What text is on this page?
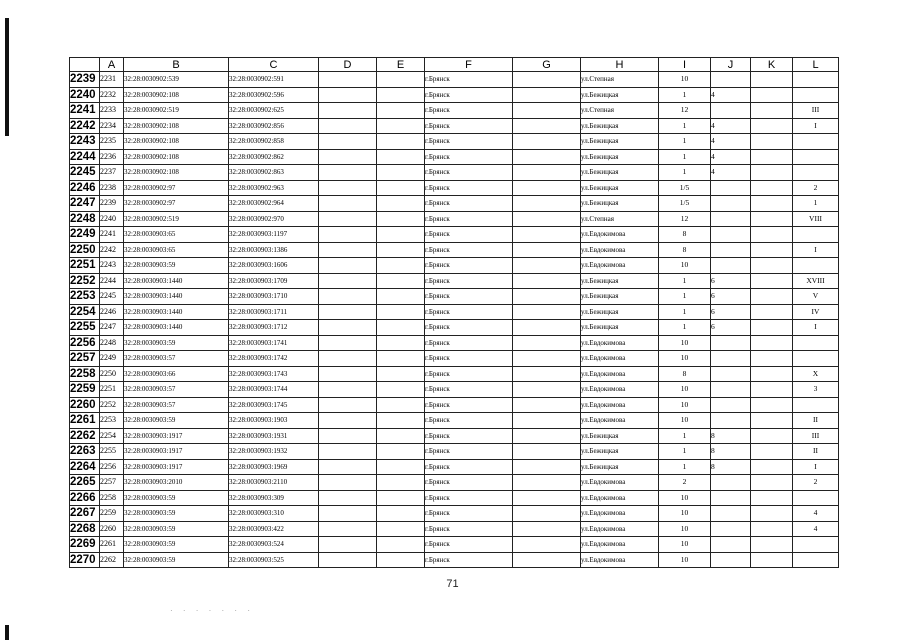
	A	B	C	D	E	F	G	H	I	J	K	L
2239	2231	32:28:0030902:539	32:28:0030902:591			г.Брянск		ул.Степная	10			
2240	2232	32:28:0030902:108	32:28:0030902:596			г.Брянск		ул.Бежицкая	1	4		
2241	2233	32:28:0030902:519	32:28:0030902:625			г.Брянск		ул.Степная	12			III
2242	2234	32:28:0030902:108	32:28:0030902:856			г.Брянск		ул.Бежицкая	1	4		I
2243	2235	32:28:0030902:108	32:28:0030902:858			г.Брянск		ул.Бежицкая	1	4		
2244	2236	32:28:0030902:108	32:28:0030902:862			г.Брянск		ул.Бежицкая	1	4		
2245	2237	32:28:0030902:108	32:28:0030902:863			г.Брянск		ул.Бежицкая	1	4		
2246	2238	32:28:0030902:97	32:28:0030902:963			г.Брянск		ул.Бежицкая	1/5			2
2247	2239	32:28:0030902:97	32:28:0030902:964			г.Брянск		ул.Бежицкая	1/5			1
2248	2240	32:28:0030902:519	32:28:0030902:970			г.Брянск		ул.Степная	12			VIII
2249	2241	32:28:0030903:65	32:28:0030903:1197			г.Брянск		ул.Евдокимова	8			
2250	2242	32:28:0030903:65	32:28:0030903:1386			г.Брянск		ул.Евдокимова	8			I
2251	2243	32:28:0030903:59	32:28:0030903:1606			г.Брянск		ул.Евдокимова	10			
2252	2244	32:28:0030903:1440	32:28:0030903:1709			г.Брянск		ул.Бежицкая	1	6		XVIII
2253	2245	32:28:0030903:1440	32:28:0030903:1710			г.Брянск		ул.Бежицкая	1	6		V
2254	2246	32:28:0030903:1440	32:28:0030903:1711			г.Брянск		ул.Бежицкая	1	6		IV
2255	2247	32:28:0030903:1440	32:28:0030903:1712			г.Брянск		ул.Бежицкая	1	6		I
2256	2248	32:28:0030903:59	32:28:0030903:1741			г.Брянск		ул.Евдокимова	10			
2257	2249	32:28:0030903:57	32:28:0030903:1742			г.Брянск		ул.Евдокимова	10			
2258	2250	32:28:0030903:66	32:28:0030903:1743			г.Брянск		ул.Евдокимова	8			X
2259	2251	32:28:0030903:57	32:28:0030903:1744			г.Брянск		ул.Евдокимова	10			3
2260	2252	32:28:0030903:57	32:28:0030903:1745			г.Брянск		ул.Евдокимова	10			
2261	2253	32:28:0030903:59	32:28:0030903:1903			г.Брянск		ул.Евдокимова	10			II
2262	2254	32:28:0030903:1917	32:28:0030903:1931			г.Брянск		ул.Бежицкая	1	8		III
2263	2255	32:28:0030903:1917	32:28:0030903:1932			г.Брянск		ул.Бежицкая	1	8		II
2264	2256	32:28:0030903:1917	32:28:0030903:1969			г.Брянск		ул.Бежицкая	1	8		I
2265	2257	32:28:0030903:2010	32:28:0030903:2110			г.Брянск		ул.Евдокимова	2			2
2266	2258	32:28:0030903:59	32:28:0030903:309			г.Брянск		ул.Евдокимова	10			
2267	2259	32:28:0030903:59	32:28:0030903:310			г.Брянск		ул.Евдокимова	10			4
2268	2260	32:28:0030903:59	32:28:0030903:422			г.Брянск		ул.Евдокимова	10			4
2269	2261	32:28:0030903:59	32:28:0030903:524			г.Брянск		ул.Евдокимова	10			
2270	2262	32:28:0030903:59	32:28:0030903:525			г.Брянск		ул.Евдокимова	10			
71
· · · · · · ·
